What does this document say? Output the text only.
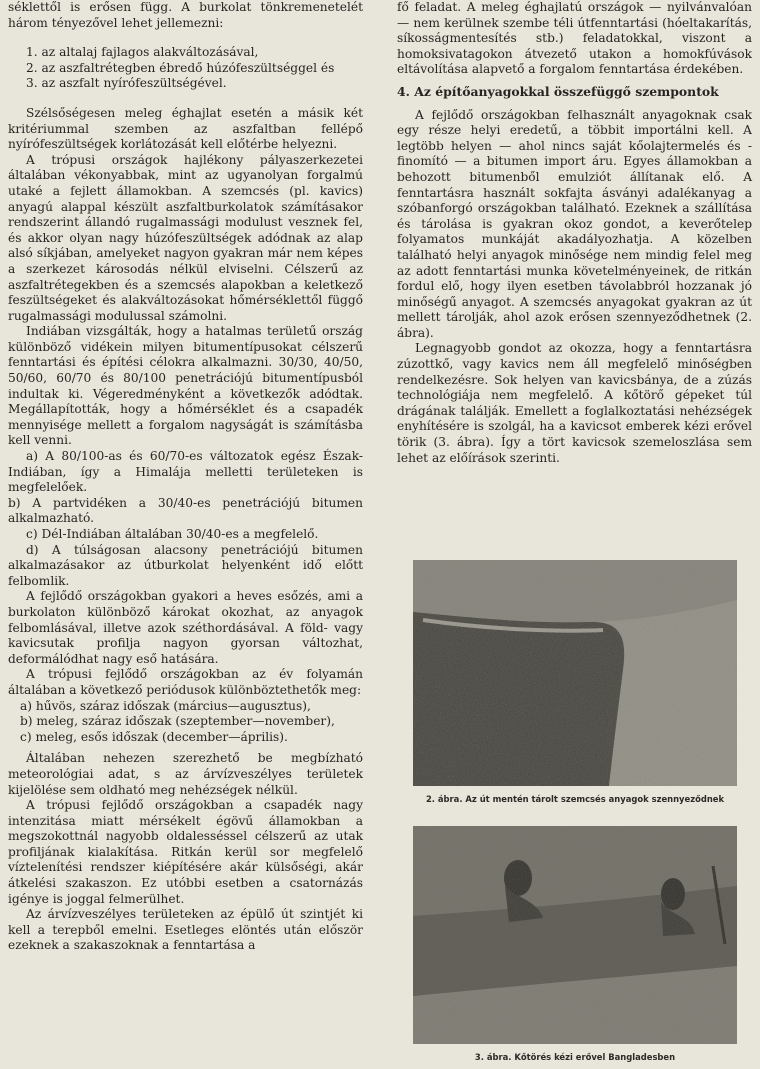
séklettől is erősen függ. A burkolat tönkremenetelét három tényezővel lehet jellemezni:

1. az altalaj fajlagos alakváltozásával,
2. az aszfaltrétegben ébredő húzófeszültséggel és
3. az aszfalt nyírófeszültségével.

Szélsőségesen meleg éghajlat esetén a másik két kritériummal szemben az aszfaltban fellépő nyírófeszültségek korlátozását kell előtérbe helyezni.

A trópusi országok hajlékony pályaszerkezetei általában vékonyabbak, mint az ugyanolyan forgalmú utaké a fejlett államokban. A szemcsés (pl. kavics) anyagú alappal készült aszfaltburkolatok számításakor rendszerint állandó rugalmassági modulust vesznek fel, és akkor olyan nagy húzófeszültségek adódnak az alap alsó síkjában, amelyeket nagyon gyakran már nem képes a szerkezet károsodás nélkül elviselni. Célszerű az aszfaltrétegekben és a szemcsés alapokban a keletkező feszültségeket és alakváltozásokat hőmérséklettől függő rugalmassági modulussal számolni.

Indiában vizsgálták, hogy a hatalmas területű ország különböző vidékein milyen bitumentípusokat célszerű fenntartási és építési célokra alkalmazni. 30/30, 40/50, 50/60, 60/70 és 80/100 penetrációjú bitumentípusból indultak ki. Végeredményként a következők adódtak. Megállapították, hogy a hőmérséklet és a csapadék mennyisége mellett a forgalom nagyságát is számításba kell venni.

a) A 80/100-as és 60/70-es változatok egész Észak-Indiában, így a Himalája melletti területeken is megfelelőek.

b) A partvidéken a 30/40-es penetrációjú bitumen alkalmazható.

c) Dél-Indiában általában 30/40-es a megfelelő.

d) A túlságosan alacsony penetrációjú bitumen alkalmazásakor az útburkolat helyenként idő előtt felbomlik.

A fejlődő országokban gyakori a heves esőzés, ami a burkolaton különböző károkat okozhat, az anyagok felbomlásával, illetve azok széthordásával. A föld- vagy kavicsutak profilja nagyon gyorsan változhat, deformálódhat nagy eső hatására.

A trópusi fejlődő országokban az év folyamán általában a következő periódusok különböztethetők meg:

a) hűvös, száraz időszak (március—augusztus),
b) meleg, száraz időszak (szeptember—november),
c) meleg, esős időszak (december—április).

Általában nehezen szerezhető be megbízható meteorológiai adat, s az árvízveszélyes területek kijelölése sem oldható meg nehézségek nélkül.

A trópusi fejlődő országokban a csapadék nagy intenzitása miatt mérsékelt égövű államokban a megszokottnál nagyobb oldalesséssel célszerű az utak profiljának kialakítása. Ritkán kerül sor megfelelő víztelenítési rendszer kiépítésére akár külsőségi, akár átkelési szakaszon. Ez utóbbi esetben a csatornázás igénye is joggal felmerülhet.

Az árvízveszélyes területeken az épülő út szintjét ki kell a terepből emelni. Esetleges elöntés után először ezeknek a szakaszoknak a fenntartása a

fő feladat. A meleg éghajlatú országok — nyilvánvalóan — nem kerülnek szembe téli útfenntartási (hóeltakarítás, síkosságmentesítés stb.) feladatokkal, viszont a homoksivatagokon átvezető utakon a homokfúvások eltávolítása alapvető a forgalom fenntartása érdekében.

4. Az építőanyagokkal összefüggő szempontok

A fejlődő országokban felhasznált anyagoknak csak egy része helyi eredetű, a többit importálni kell. A legtöbb helyen — ahol nincs saját kőolajtermelés és -finomító — a bitumen import áru. Egyes államokban a behozott bitumenből emulziót állítanak elő. A fenntartásra használt sokfajta ásványi adalékanyag a szóbanforgó országokban található. Ezeknek a szállítása és tárolása is gyakran okoz gondot, a keverőtelep folyamatos munkáját akadályozhatja. A közelben található helyi anyagok minősége nem mindig felel meg az adott fenntartási munka követelményeinek, de ritkán fordul elő, hogy ilyen esetben távolabbról hozzanak jó minőségű anyagot. A szemcsés anyagokat gyakran az út mellett tárolják, ahol azok erősen szennyeződhetnek (2. ábra).

Legnagyobb gondot az okozza, hogy a fenntartásra zúzottkő, vagy kavics nem áll megfelelő minőségben rendelkezésre. Sok helyen van kavicsbánya, de a zúzás technológiája nem megfelelő. A kőtörő gépeket túl drágának találják. Emellett a foglalkoztatási nehézségek enyhítésére is szolgál, ha a kavicsot emberek kézi erővel törik (3. ábra). Így a tört kavicsok szemeloszlása sem lehet az előírások szerinti.

2. ábra. Az út mentén tárolt szemcsés anyagok szennyeződnek
3. ábra. Kőtörés kézi erővel Bangladesben
